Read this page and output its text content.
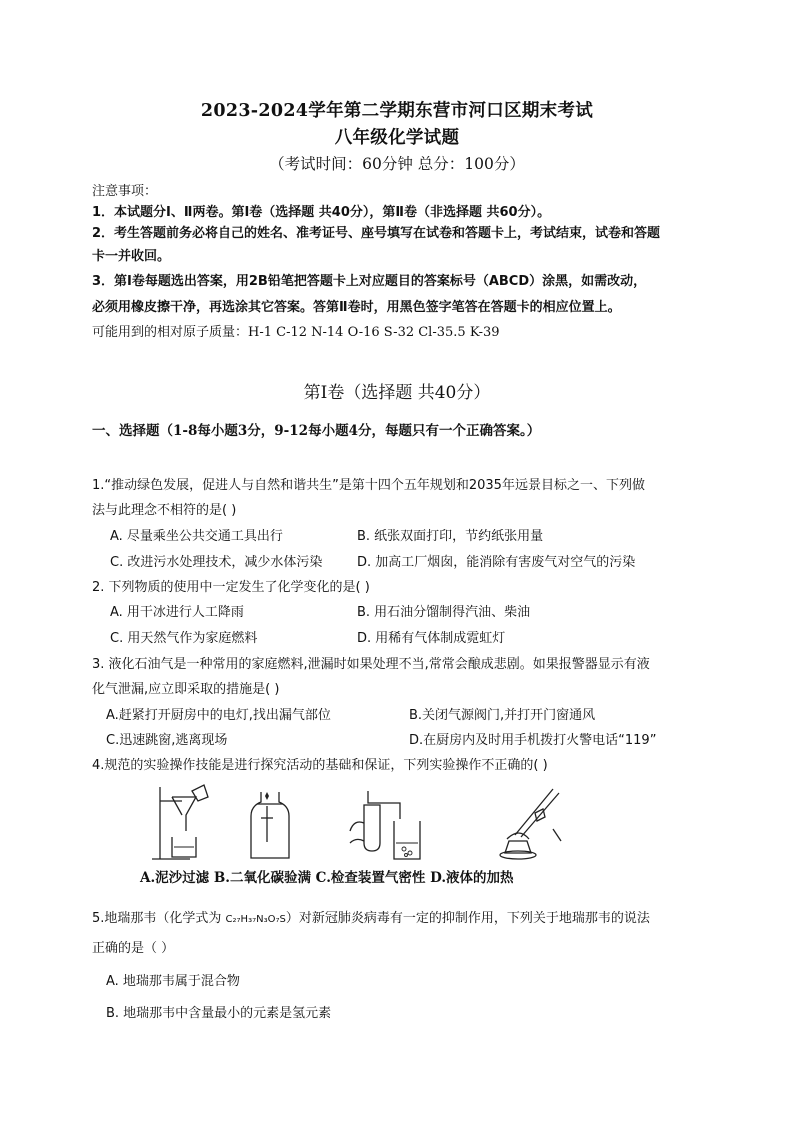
2023-2024学年第二学期东营市河口区期末考试
八年级化学试题
（考试时间：60分钟 总分：100分）
注意事项：
1．本试题分Ⅰ、Ⅱ两卷。第Ⅰ卷（选择题 共40分），第Ⅱ卷（非选择题 共60分）。
2．考生答题前务必将自己的姓名、准考证号、座号填写在试卷和答题卡上，考试结束，试卷和答题
卡一并收回。
3．第Ⅰ卷每题选出答案，用2B铅笔把答题卡上对应题目的答案标号（ABCD）涂黑，如需改动，
必须用橡皮擦干净，再选涂其它答案。答第Ⅱ卷时，用黑色签字笔答在答题卡的相应位置上。
可能用到的相对原子质量：H-1 C-12 N-14 O-16 S-32 Cl-35.5 K-39
第Ⅰ卷（选择题 共40分）
一、选择题（1-8每小题3分，9-12每小题4分，每题只有一个正确答案。）
1.“推动绿色发展，促进人与自然和谐共生”是第十四个五年规划和2035年远景目标之一、下列做
法与此理念不相符的是( )
A. 尽量乘坐公共交通工具出行	B. 纸张双面打印，节约纸张用量
C. 改进污水处理技术，减少水体污染	D. 加高工厂烟囱，能消除有害废气对空气的污染
2. 下列物质的使用中一定发生了化学变化的是( )
A. 用干冰进行人工降雨	B. 用石油分馏制得汽油、柴油
C. 用天然气作为家庭燃料	D. 用稀有气体制成霓虹灯
3. 液化石油气是一种常用的家庭燃料,泄漏时如果处理不当,常常会酿成悲剧。如果报警器显示有液
化气泄漏,应立即采取的措施是( )
A.赶紧打开厨房中的电灯,找出漏气部位	B.关闭气源阀门,并打开门窗通风
C.迅速跳窗,逃离现场	D.在厨房内及时用手机拨打火警电话“119”
4.规范的实验操作技能是进行探究活动的基础和保证，下列实验操作不正确的( )
A.泥沙过滤 B.二氧化碳验满 C.检查装置气密性 D.液体的加热
5.地瑞那韦（化学式为 C₂₇H₃₇N₃O₇S）对新冠肺炎病毒有一定的抑制作用，下列关于地瑞那韦的说法
正确的是（ ）
A. 地瑞那韦属于混合物
B. 地瑞那韦中含量最小的元素是氢元素
